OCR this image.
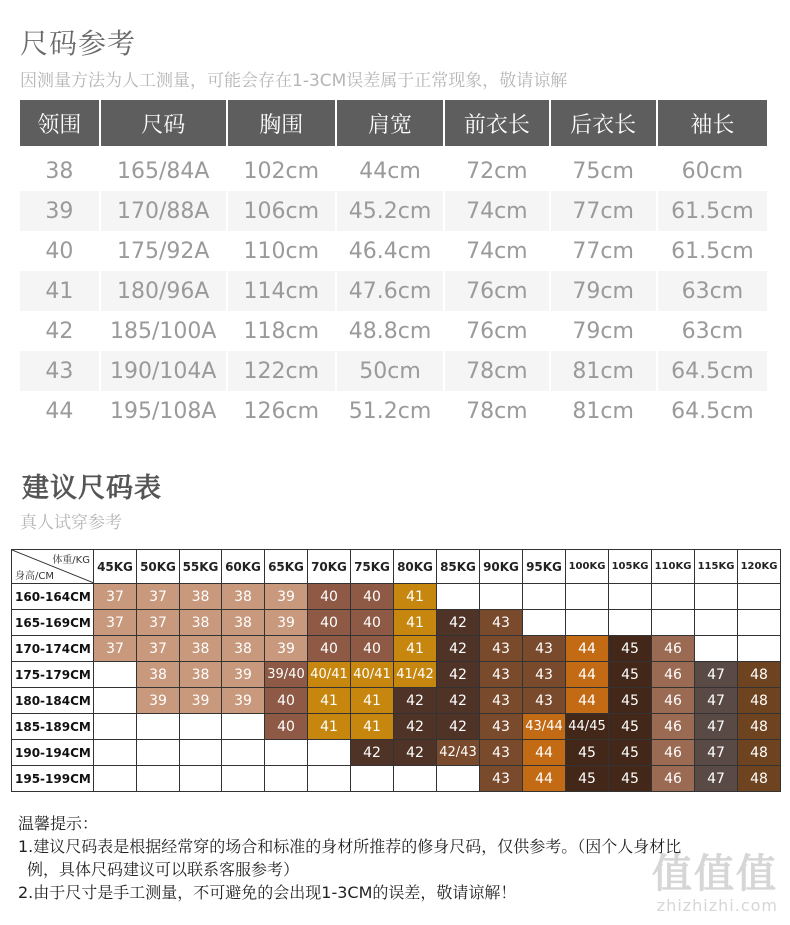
尺码参考
因测量方法为人工测量，可能会存在1-3CM误差属于正常现象，敬请谅解
领围	尺码	胸围	肩宽	前衣长	后衣长	袖长
38	165/84A	102cm	44cm	72cm	75cm	60cm
39	170/88A	106cm	45.2cm	74cm	77cm	61.5cm
40	175/92A	110cm	46.4cm	74cm	77cm	61.5cm
41	180/96A	114cm	47.6cm	76cm	79cm	63cm
42	185/100A	118cm	48.8cm	76cm	79cm	63cm
43	190/104A	122cm	50cm	78cm	81cm	64.5cm
44	195/108A	126cm	51.2cm	78cm	81cm	64.5cm
建议尺码表
真人试穿参考
体重/KG
身高/CM	45KG	50KG	55KG	60KG	65KG	70KG	75KG	80KG	85KG	90KG	95KG	100KG	105KG	110KG	115KG	120KG
160-164CM	37	37	38	38	39	40	40	41								
165-169CM	37	37	38	38	39	40	40	41	42	43						
170-174CM	37	37	38	38	39	40	40	41	42	43	43	44	45	46		
175-179CM		38	38	39	39/40	40/41	40/41	41/42	42	43	43	44	45	46	47	48
180-184CM		39	39	39	40	41	41	42	42	43	43	44	45	46	47	48
185-189CM					40	41	41	42	42	43	43/44	44/45	45	46	47	48
190-194CM							42	42	42/43	43	44	45	45	46	47	48
195-199CM										43	44	45	45	46	47	48

温馨提示：

1.建议尺码表是根据经常穿的场合和标准的身材所推荐的修身尺码，仅供参考。（因个人身材比

例，具体尺码建议可以联系客服参考）

2.由于尺寸是手工测量，不可避免的会出现1-3CM的误差，敬请谅解！	值值值
zhizhizhi.com
